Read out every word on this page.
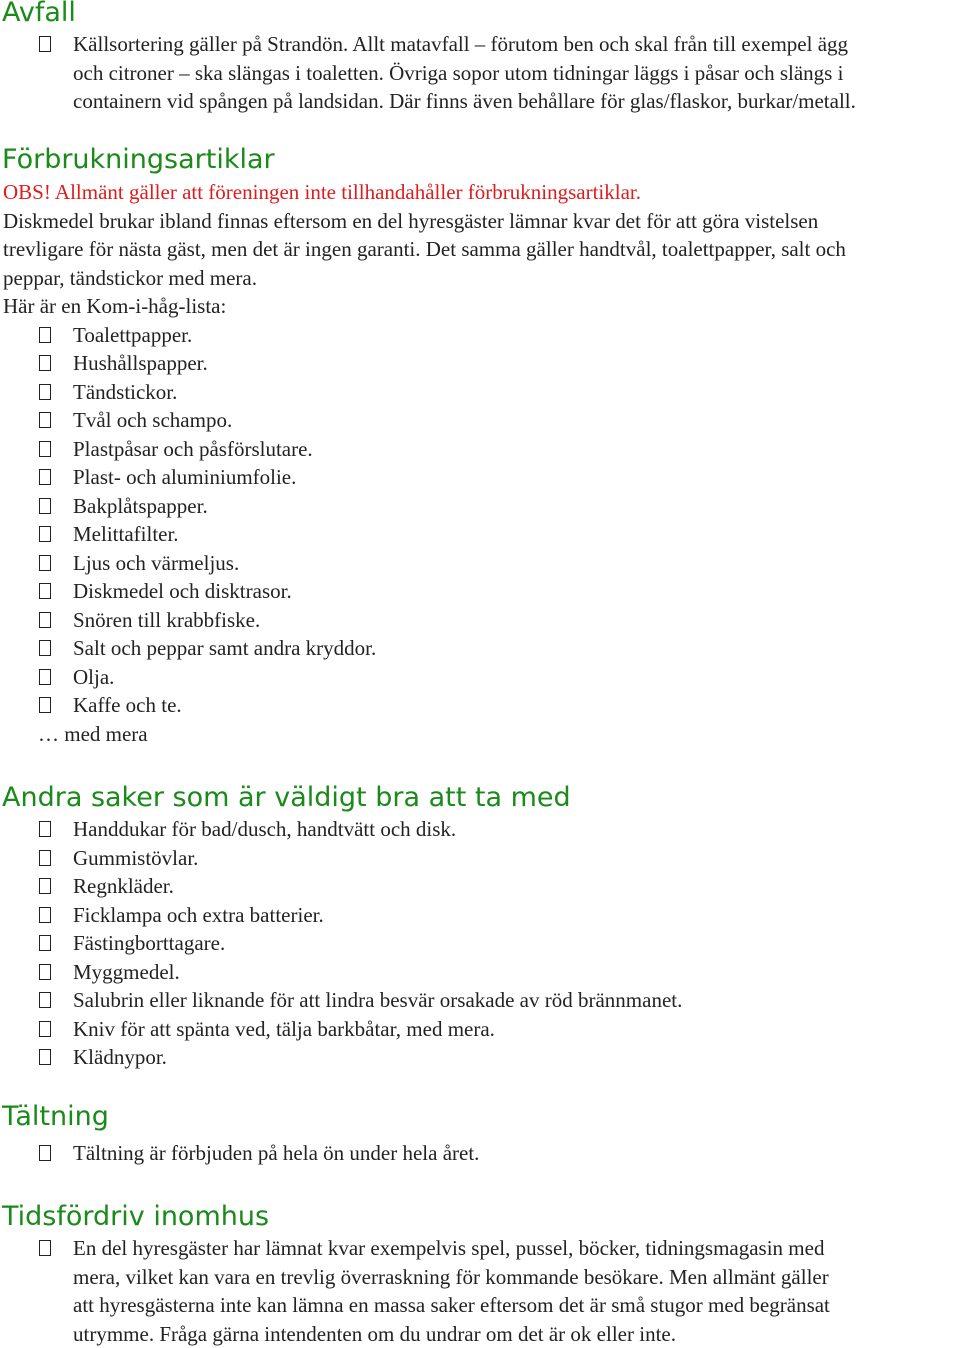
Avfall
Källsortering gäller på Strandön. Allt matavfall – förutom ben och skal från till exempel ägg
och citroner – ska slängas i toaletten. Övriga sopor utom tidningar läggs i påsar och slängs i
containern vid spången på landsidan. Där finns även behållare för glas/flaskor, burkar/metall.
Förbrukningsartiklar
OBS! Allmänt gäller att föreningen inte tillhandahåller förbrukningsartiklar.
Diskmedel brukar ibland finnas eftersom en del hyresgäster lämnar kvar det för att göra vistelsen
trevligare för nästa gäst, men det är ingen garanti. Det samma gäller handtvål, toalettpapper, salt och
peppar, tändstickor med mera.
Här är en Kom-i-håg-lista:
Toalettpapper.
Hushållspapper.
Tändstickor.
Tvål och schampo.
Plastpåsar och påsförslutare.
Plast- och aluminiumfolie.
Bakplåtspapper.
Melittafilter.
Ljus och värmeljus.
Diskmedel och disktrasor.
Snören till krabbfiske.
Salt och peppar samt andra kryddor.
Olja.
Kaffe och te.
… med mera
Andra saker som är väldigt bra att ta med
Handdukar för bad/dusch, handtvätt och disk.
Gummistövlar.
Regnkläder.
Ficklampa och extra batterier.
Fästingborttagare.
Myggmedel.
Salubrin eller liknande för att lindra besvär orsakade av röd brännmanet.
Kniv för att spänta ved, tälja barkbåtar, med mera.
Klädnypor.
Tältning
Tältning är förbjuden på hela ön under hela året.
Tidsfördriv inomhus
En del hyresgäster har lämnat kvar exempelvis spel, pussel, böcker, tidningsmagasin med
mera, vilket kan vara en trevlig överraskning för kommande besökare. Men allmänt gäller
att hyresgästerna inte kan lämna en massa saker eftersom det är små stugor med begränsat
utrymme. Fråga gärna intendenten om du undrar om det är ok eller inte.
